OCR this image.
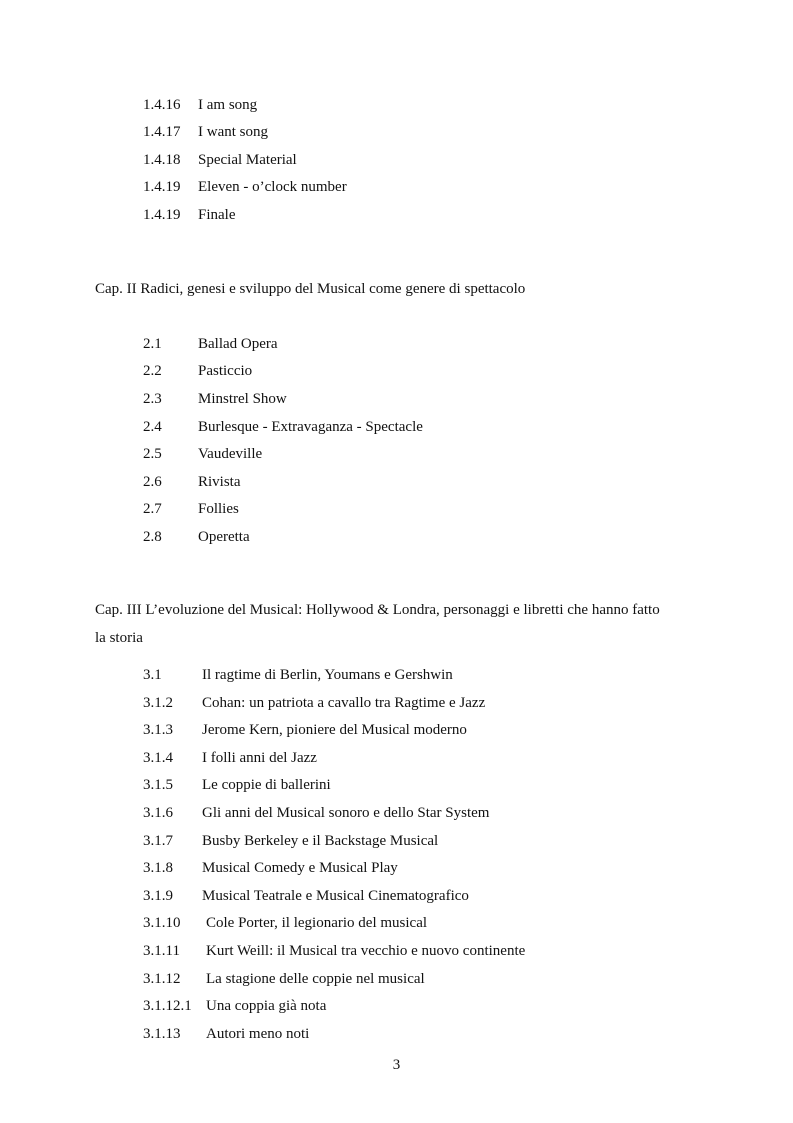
1.4.16 I am song
1.4.17 I want song
1.4.18 Special Material
1.4.19 Eleven - o’clock number
1.4.19 Finale
Cap. II Radici, genesi e sviluppo del Musical come genere di spettacolo
2.1 Ballad Opera
2.2 Pasticcio
2.3 Minstrel Show
2.4 Burlesque - Extravaganza - Spectacle
2.5 Vaudeville
2.6 Rivista
2.7 Follies
2.8 Operetta
Cap. III L’evoluzione del Musical: Hollywood & Londra, personaggi e libretti che hanno fatto
la storia
3.1	Il ragtime di Berlin, Youmans e Gershwin
3.1.2 Cohan: un patriota a cavallo tra Ragtime e Jazz
3.1.3 Jerome Kern, pioniere del Musical moderno
3.1.4 I folli anni del Jazz
3.1.5 Le coppie di ballerini
3.1.6 Gli anni del Musical sonoro e dello Star System
3.1.7 Busby Berkeley e il Backstage Musical
3.1.8 Musical Comedy e Musical Play
3.1.9 Musical Teatrale e Musical Cinematografico
3.1.10 Cole Porter, il legionario del musical
3.1.11 Kurt Weill: il Musical tra vecchio e nuovo continente
3.1.12 La stagione delle coppie nel musical
3.1.12.1 Una coppia già nota
3.1.13 Autori meno noti
3
